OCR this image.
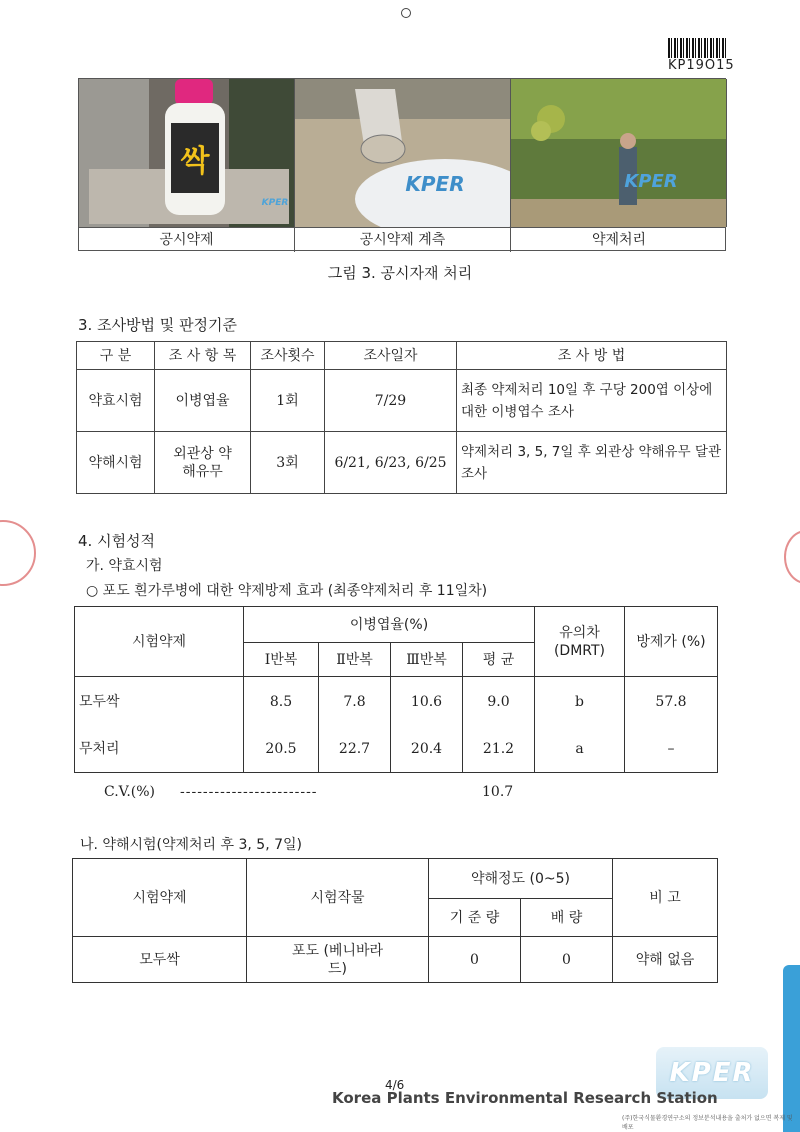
KP19O15
싹
KPER
KPER	KPER
공시약제	공시약제 계측	약제처리
그림 3. 공시자재 처리
3. 조사방법 및 판정기준
구 분	조 사 항 목	조사횟수	조사일자	조 사 방 법
약효시험	이병엽율	1회	7/29	최종 약제처리 10일 후 구당 200엽 이상에 대한 이병엽수 조사
약해시험	외관상 약해유무	3회	6/21, 6/23, 6/25	약제처리 3, 5, 7일 후 외관상 약해유무 달관조사
4. 시험성적
가. 약효시험
○ 포도 흰가루병에 대한 약제방제 효과 (최종약제처리 후 11일차)
시험약제	이병엽율(%)				유의차 (DMRT)	방제가 (%)
	Ⅰ반복	Ⅱ반복	Ⅲ반복	평 균		
모두싹	8.5	7.8	10.6	9.0	b	57.8
무처리	20.5	22.7	20.4	21.2	a	–
C.V.(%) ------------------------	10.7
나. 약해시험(약제처리 후 3, 5, 7일)
시험약제	시험작물	약해정도 (0~5)		비 고
		기 준 량	배 량	
모두싹	포도 (베니바라드)	0	0	약해 없음
KPER
4/6
Korea Plants Environmental Research Station
(주)한국식물환경연구소의 정보분석내용을 출처가 없으면 복제 및 배포
